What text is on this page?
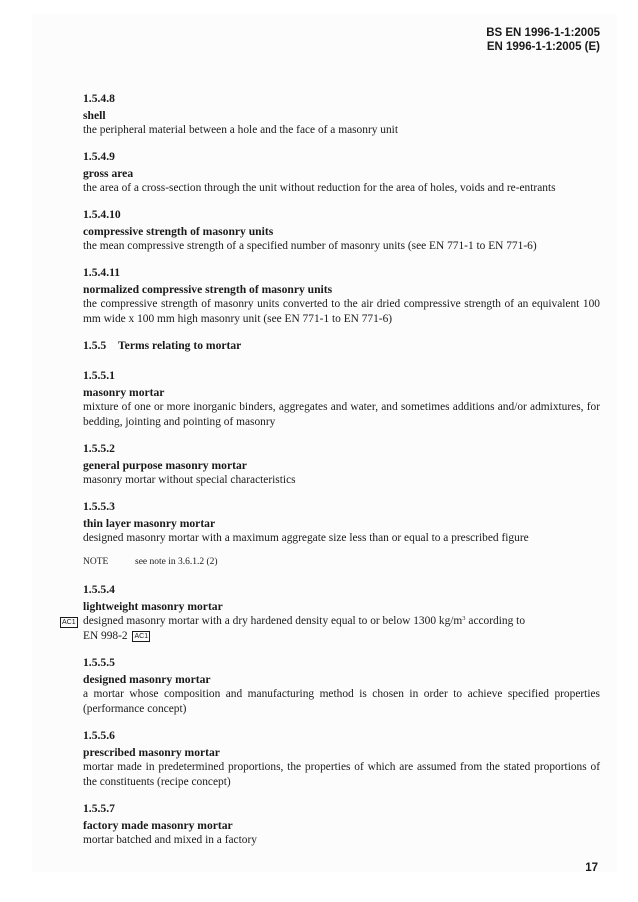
BS EN 1996-1-1:2005
EN 1996-1-1:2005 (E)
1.5.4.8
shell
the peripheral material between a hole and the face of a masonry unit
1.5.4.9
gross area
the area of a cross-section through the unit without reduction for the area of holes, voids and re-entrants
1.5.4.10
compressive strength of masonry units
the mean compressive strength of a specified number of masonry units (see EN 771-1 to EN 771-6)
1.5.4.11
normalized compressive strength of masonry units
the compressive strength of masonry units converted to the air dried compressive strength of an equivalent 100 mm wide x 100 mm high masonry unit (see EN 771-1 to EN 771-6)
1.5.5 Terms relating to mortar
1.5.5.1
masonry mortar
mixture of one or more inorganic binders, aggregates and water, and sometimes additions and/or admixtures, for bedding, jointing and pointing of masonry
1.5.5.2
general purpose masonry mortar
masonry mortar without special characteristics
1.5.5.3
thin layer masonry mortar
designed masonry mortar with a maximum aggregate size less than or equal to a prescribed figure
NOTE	see note in 3.6.1.2 (2)
1.5.5.4
lightweight masonry mortar
AC1 designed masonry mortar with a dry hardened density equal to or below 1300 $kg/m^3$ according to
EN 998-2 AC1
1.5.5.5
designed masonry mortar
a mortar whose composition and manufacturing method is chosen in order to achieve specified properties (performance concept)
1.5.5.6
prescribed masonry mortar
mortar made in predetermined proportions, the properties of which are assumed from the stated proportions of the constituents (recipe concept)
1.5.5.7
factory made masonry mortar
mortar batched and mixed in a factory
17
